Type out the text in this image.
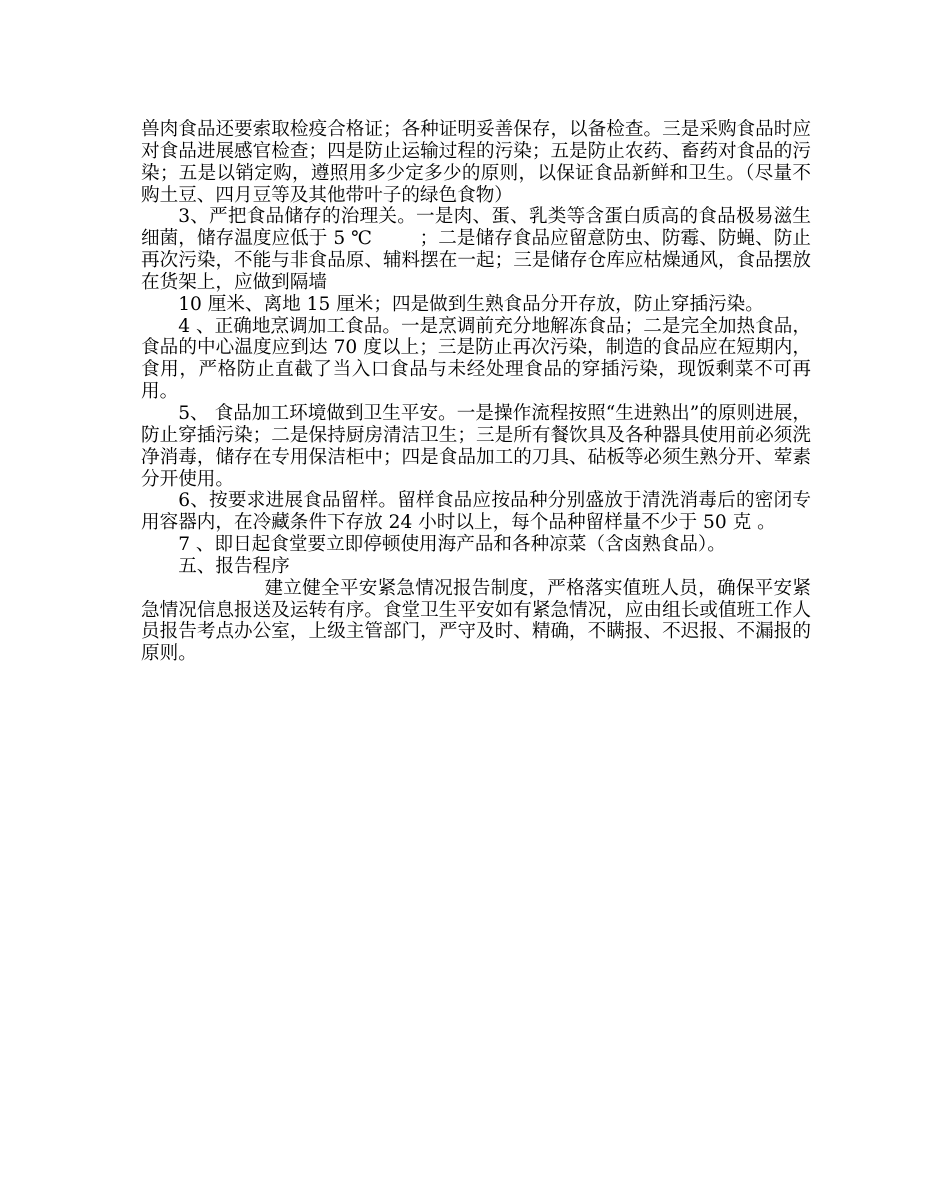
兽肉食品还要索取检疫合格证；各种证明妥善保存，以备检查。三是采购食品时应对食品进展感官检查；四是防止运输过程的污染；五是防止农药、畜药对食品的污染；五是以销定购，遵照用多少定多少的原则，以保证食品新鲜和卫生。（尽量不购土豆、四月豆等及其他带叶子的绿色食物）

3、严把食品储存的治理关。一是肉、蛋、乳类等含蛋白质高的食品极易滋生细菌，储存温度应低于 5 ℃        ；二是储存食品应留意防虫、防霉、防蝇、防止再次污染，不能与非食品原、辅料摆在一起；三是储存仓库应枯燥通风，食品摆放在货架上，应做到隔墙

10 厘米、离地 15 厘米；四是做到生熟食品分开存放，防止穿插污染。

4 、正确地烹调加工食品。一是烹调前充分地解冻食品；二是完全加热食品，食品的中心温度应到达 70 度以上；三是防止再次污染，制造的食品应在短期内，食用，严格防止直截了当入口食品与未经处理食品的穿插污染，现饭剩菜不可再用。

5、 食品加工环境做到卫生平安。一是操作流程按照“生进熟出”的原则进展，防止穿插污染；二是保持厨房清洁卫生；三是所有餐饮具及各种器具使用前必须洗净消毒，储存在专用保洁柜中；四是食品加工的刀具、砧板等必须生熟分开、荤素分开使用。

6、按要求进展食品留样。留样食品应按品种分别盛放于清洗消毒后的密闭专用容器内，在冷藏条件下存放 24 小时以上，每个品种留样量不少于 50 克 。

7 、即日起食堂要立即停顿使用海产品和各种凉菜（含卤熟食品）。

五、报告程序

建立健全平安紧急情况报告制度，严格落实值班人员，确保平安紧急情况信息报送及运转有序。食堂卫生平安如有紧急情况，应由组长或值班工作人员报告考点办公室，上级主管部门，严守及时、精确，不瞒报、不迟报、不漏报的原则。
